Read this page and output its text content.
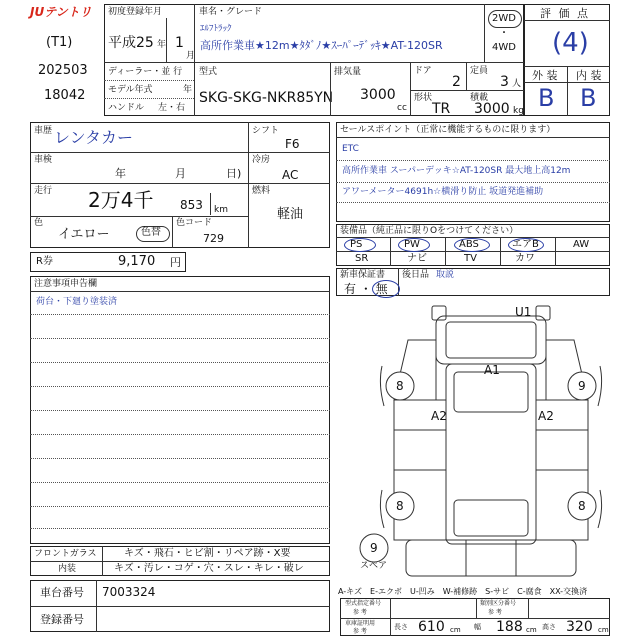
JUテントリ
(T1)
202503
18042
初度登録年月
平成25 年 1
月
車名・グレード
ｴﾙﾌﾄﾗｯｸ
高所作業車★12m★ﾀﾀﾞﾉ★ｽｰﾊﾟｰﾃﾞｯｷ★AT-120SR
2WD
・
4WD
ディーラー・並 行
モデル年式	年
ハンドル 左・右
型式
SKG-SKG-NKR85YN
排気量
3000
cc
ドア
2
定員
3 人
形状
TR
積載
3000 kg
評 価 点
(4)
外 装 内 装
B B
車歴 レンタカー
車検
年	月	日)
走行 2万4千 853 km
色
イエロー	色替
色コード
729
シフト
F6
冷房
AC
燃料
軽油
R券	9,170 円
セールスポイント（正常に機能するものに限ります）
ETC
高所作業車 スーパーデッキ☆AT-120SR 最大地上高12m
アワーメーター4691h☆横滑り防止 坂道発進補助
装備品（純正品に限りOをつけてください）
PS	PW	ABS	エアB	AW
SR	ナビ	TV	カワ
新車保証書
有 ・ 無
後日品 取説
注意事項申告欄
荷台・下廻り塗装済
フロントガラス	キズ・飛石・ヒビ割・リペア跡・X要
内装	キズ・汚レ・コゲ・穴・スレ・キレ・破レ
車台番号 7003324
登録番号
U1
A1
8	9
A2	A2
8	8
9
スペア
A-キズ　E-エクボ　U-凹み　W-補修跡　S-サビ　C-腐食　XX-交換済
型式指定番号
参 考
類別区分番号
参 考
車庫証明用
参 考
長さ 610 cm 幅 188 cm 高さ 320 cm
